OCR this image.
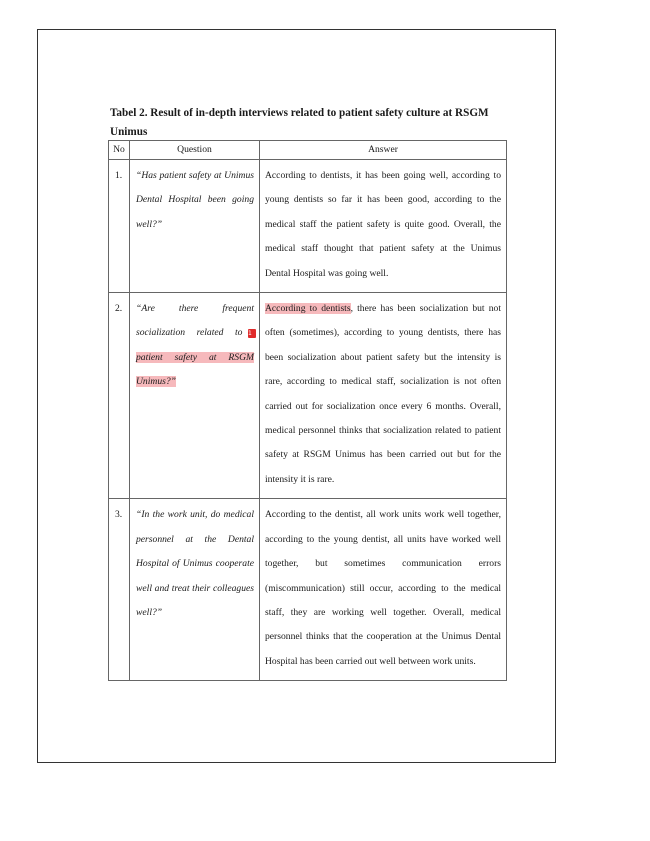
Tabel 2. Result of in-depth interviews related to patient safety culture at RSGM
Unimus
No	Question	Answer
1.	“Has patient safety at Unimus Dental Hospital been going well?”	According to dentists, it has been going well, according to young dentists so far it has been good, according to the medical staff the patient safety is quite good. Overall, the medical staff thought that patient safety at the Unimus Dental Hospital was going well.
2.	“Are there frequent socialization related to 1 patient safety at RSGM Unimus?”	According to dentists, there has been socialization but not often (sometimes), according to young dentists, there has been socialization about patient safety but the intensity is rare, according to medical staff, socialization is not often carried out for socialization once every 6 months. Overall, medical personnel thinks that socialization related to patient safety at RSGM Unimus has been carried out but for the intensity it is rare.
3.	“In the work unit, do medical personnel at the Dental Hospital of Unimus cooperate well and treat their colleagues well?”	According to the dentist, all work units work well together, according to the young dentist, all units have worked well together, but sometimes communication errors (miscommunication) still occur, according to the medical staff, they are working well together. Overall, medical personnel thinks that the cooperation at the Unimus Dental Hospital has been carried out well between work units.
